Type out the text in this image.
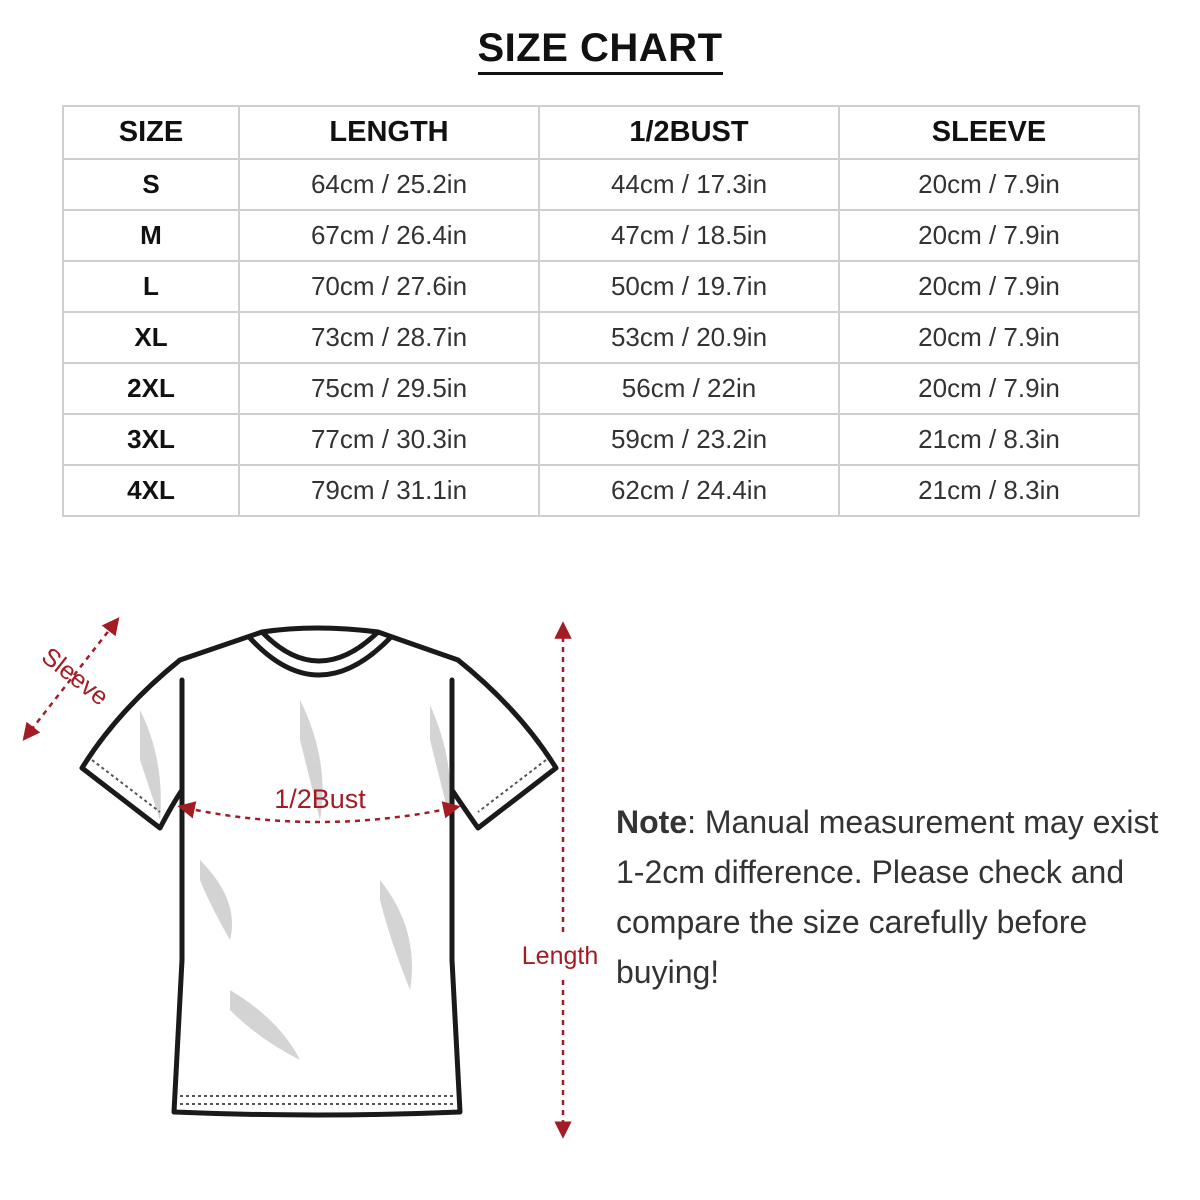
SIZE CHART
SIZE	LENGTH	1/2BUST	SLEEVE
S	64cm / 25.2in	44cm / 17.3in	20cm / 7.9in
M	67cm / 26.4in	47cm / 18.5in	20cm / 7.9in
L	70cm / 27.6in	50cm / 19.7in	20cm / 7.9in
XL	73cm / 28.7in	53cm / 20.9in	20cm / 7.9in
2XL	75cm / 29.5in	56cm / 22in	20cm / 7.9in
3XL	77cm / 30.3in	59cm / 23.2in	21cm / 8.3in
4XL	79cm / 31.1in	62cm / 24.4in	21cm / 8.3in
1/2Bust
Sleeve
Length
Note: Manual measurement may exist 1-2cm difference. Please check and compare the size carefully before buying!
